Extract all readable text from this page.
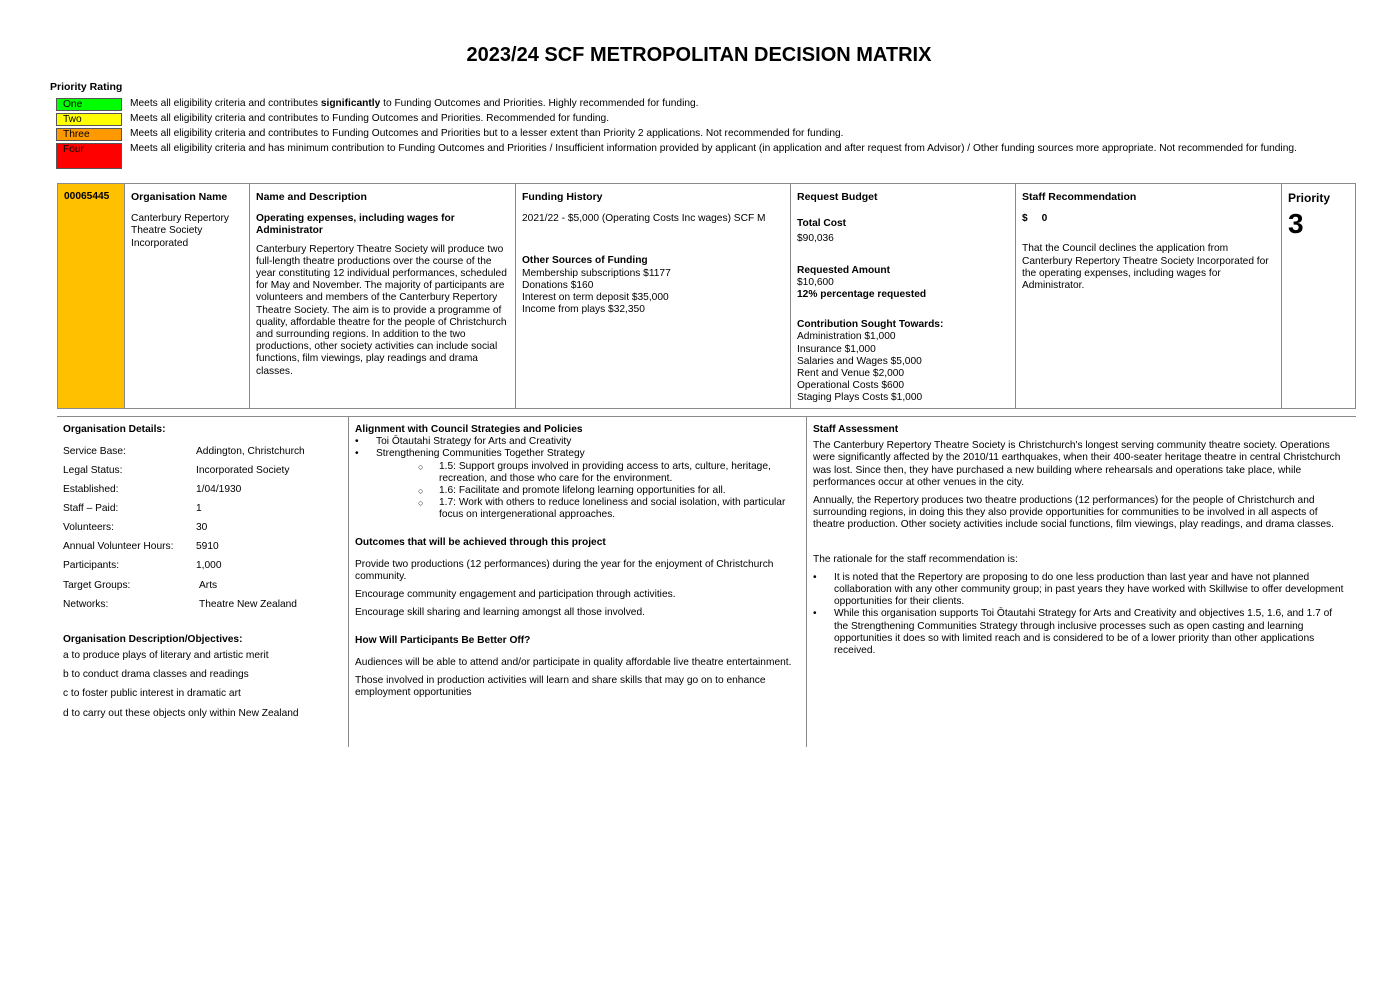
2023/24 SCF METROPOLITAN DECISION MATRIX
Priority Rating
One	Meets all eligibility criteria and contributes significantly to Funding Outcomes and Priorities. Highly recommended for funding.
Two	Meets all eligibility criteria and contributes to Funding Outcomes and Priorities. Recommended for funding.
Three	Meets all eligibility criteria and contributes to Funding Outcomes and Priorities but to a lesser extent than Priority 2 applications. Not recommended for funding.
Four	Meets all eligibility criteria and has minimum contribution to Funding Outcomes and Priorities / Insufficient information provided by applicant (in application and after request from Advisor) / Other funding sources more appropriate. Not recommended for funding.
00065445	Organisation Name
Canterbury Repertory Theatre Society Incorporated
Name and Description
Operating expenses, including wages for Administrator
Canterbury Repertory Theatre Society will produce two full-length theatre productions over the course of the year constituting 12 individual performances, scheduled for May and November. The majority of participants are volunteers and members of the Canterbury Repertory Theatre Society. The aim is to provide a programme of quality, affordable theatre for the people of Christchurch and surrounding regions. In addition to the two productions, other society activities can include social functions, film viewings, play readings and drama classes.
Funding History
2021/22 - $5,000 (Operating Costs Inc wages) SCF M
Other Sources of Funding
Membership subscriptions $1177
Donations $160
Interest on term deposit $35,000
Income from plays $32,350
Request Budget
Total Cost
$90,036
Requested Amount
$10,600
12% percentage requested
Contribution Sought Towards:
Administration $1,000
Insurance $1,000
Salaries and Wages $5,000
Rent and Venue $2,000
Operational Costs $600
Staging Plays Costs $1,000
Staff Recommendation
$ 0
That the Council declines the application from Canterbury Repertory Theatre Society Incorporated for the operating expenses, including wages for Administrator.
Priority
3
Organisation Details:
Service Base:	Addington, Christchurch
Legal Status:	Incorporated Society
Established:	1/04/1930
Staff – Paid:	1
Volunteers:	30
Annual Volunteer Hours: 5910
Participants:	1,000
Target Groups:	Arts
Networks:	Theatre New Zealand
Organisation Description/Objectives:
a to produce plays of literary and artistic merit
b to conduct drama classes and readings
c to foster public interest in dramatic art
d to carry out these objects only within New Zealand
Alignment with Council Strategies and Policies
• Toi Ōtautahi Strategy for Arts and Creativity
• Strengthening Communities Together Strategy
○ 1.5: Support groups involved in providing access to arts, culture, heritage, recreation, and those who care for the environment.
○ 1.6: Facilitate and promote lifelong learning opportunities for all.
○ 1.7: Work with others to reduce loneliness and social isolation, with particular focus on intergenerational approaches.
Outcomes that will be achieved through this project

Provide two productions (12 performances) during the year for the enjoyment of Christchurch community.

Encourage community engagement and participation through activities.

Encourage skill sharing and learning amongst all those involved.

How Will Participants Be Better Off?

Audiences will be able to attend and/or participate in quality affordable live theatre entertainment.

Those involved in production activities will learn and share skills that may go on to enhance employment opportunities

Staff Assessment

The Canterbury Repertory Theatre Society is Christchurch's longest serving community theatre society. Operations were significantly affected by the 2010/11 earthquakes, when their 400-seater heritage theatre in central Christchurch was lost. Since then, they have purchased a new building where rehearsals and operations take place, while performances occur at other venues in the city.

Annually, the Repertory produces two theatre productions (12 performances) for the people of Christchurch and surrounding regions, in doing this they also provide opportunities for communities to be involved in all aspects of theatre production. Other society activities include social functions, film viewings, play readings, and drama classes.

The rationale for the staff recommendation is:

• It is noted that the Repertory are proposing to do one less production than last year and have not planned collaboration with any other community group; in past years they have worked with Skillwise to offer development opportunities for their clients.
• While this organisation supports Toi Ōtautahi Strategy for Arts and Creativity and objectives 1.5, 1.6, and 1.7 of the Strengthening Communities Strategy through inclusive processes such as open casting and learning opportunities it does so with limited reach and is considered to be of a lower priority than other applications received.
